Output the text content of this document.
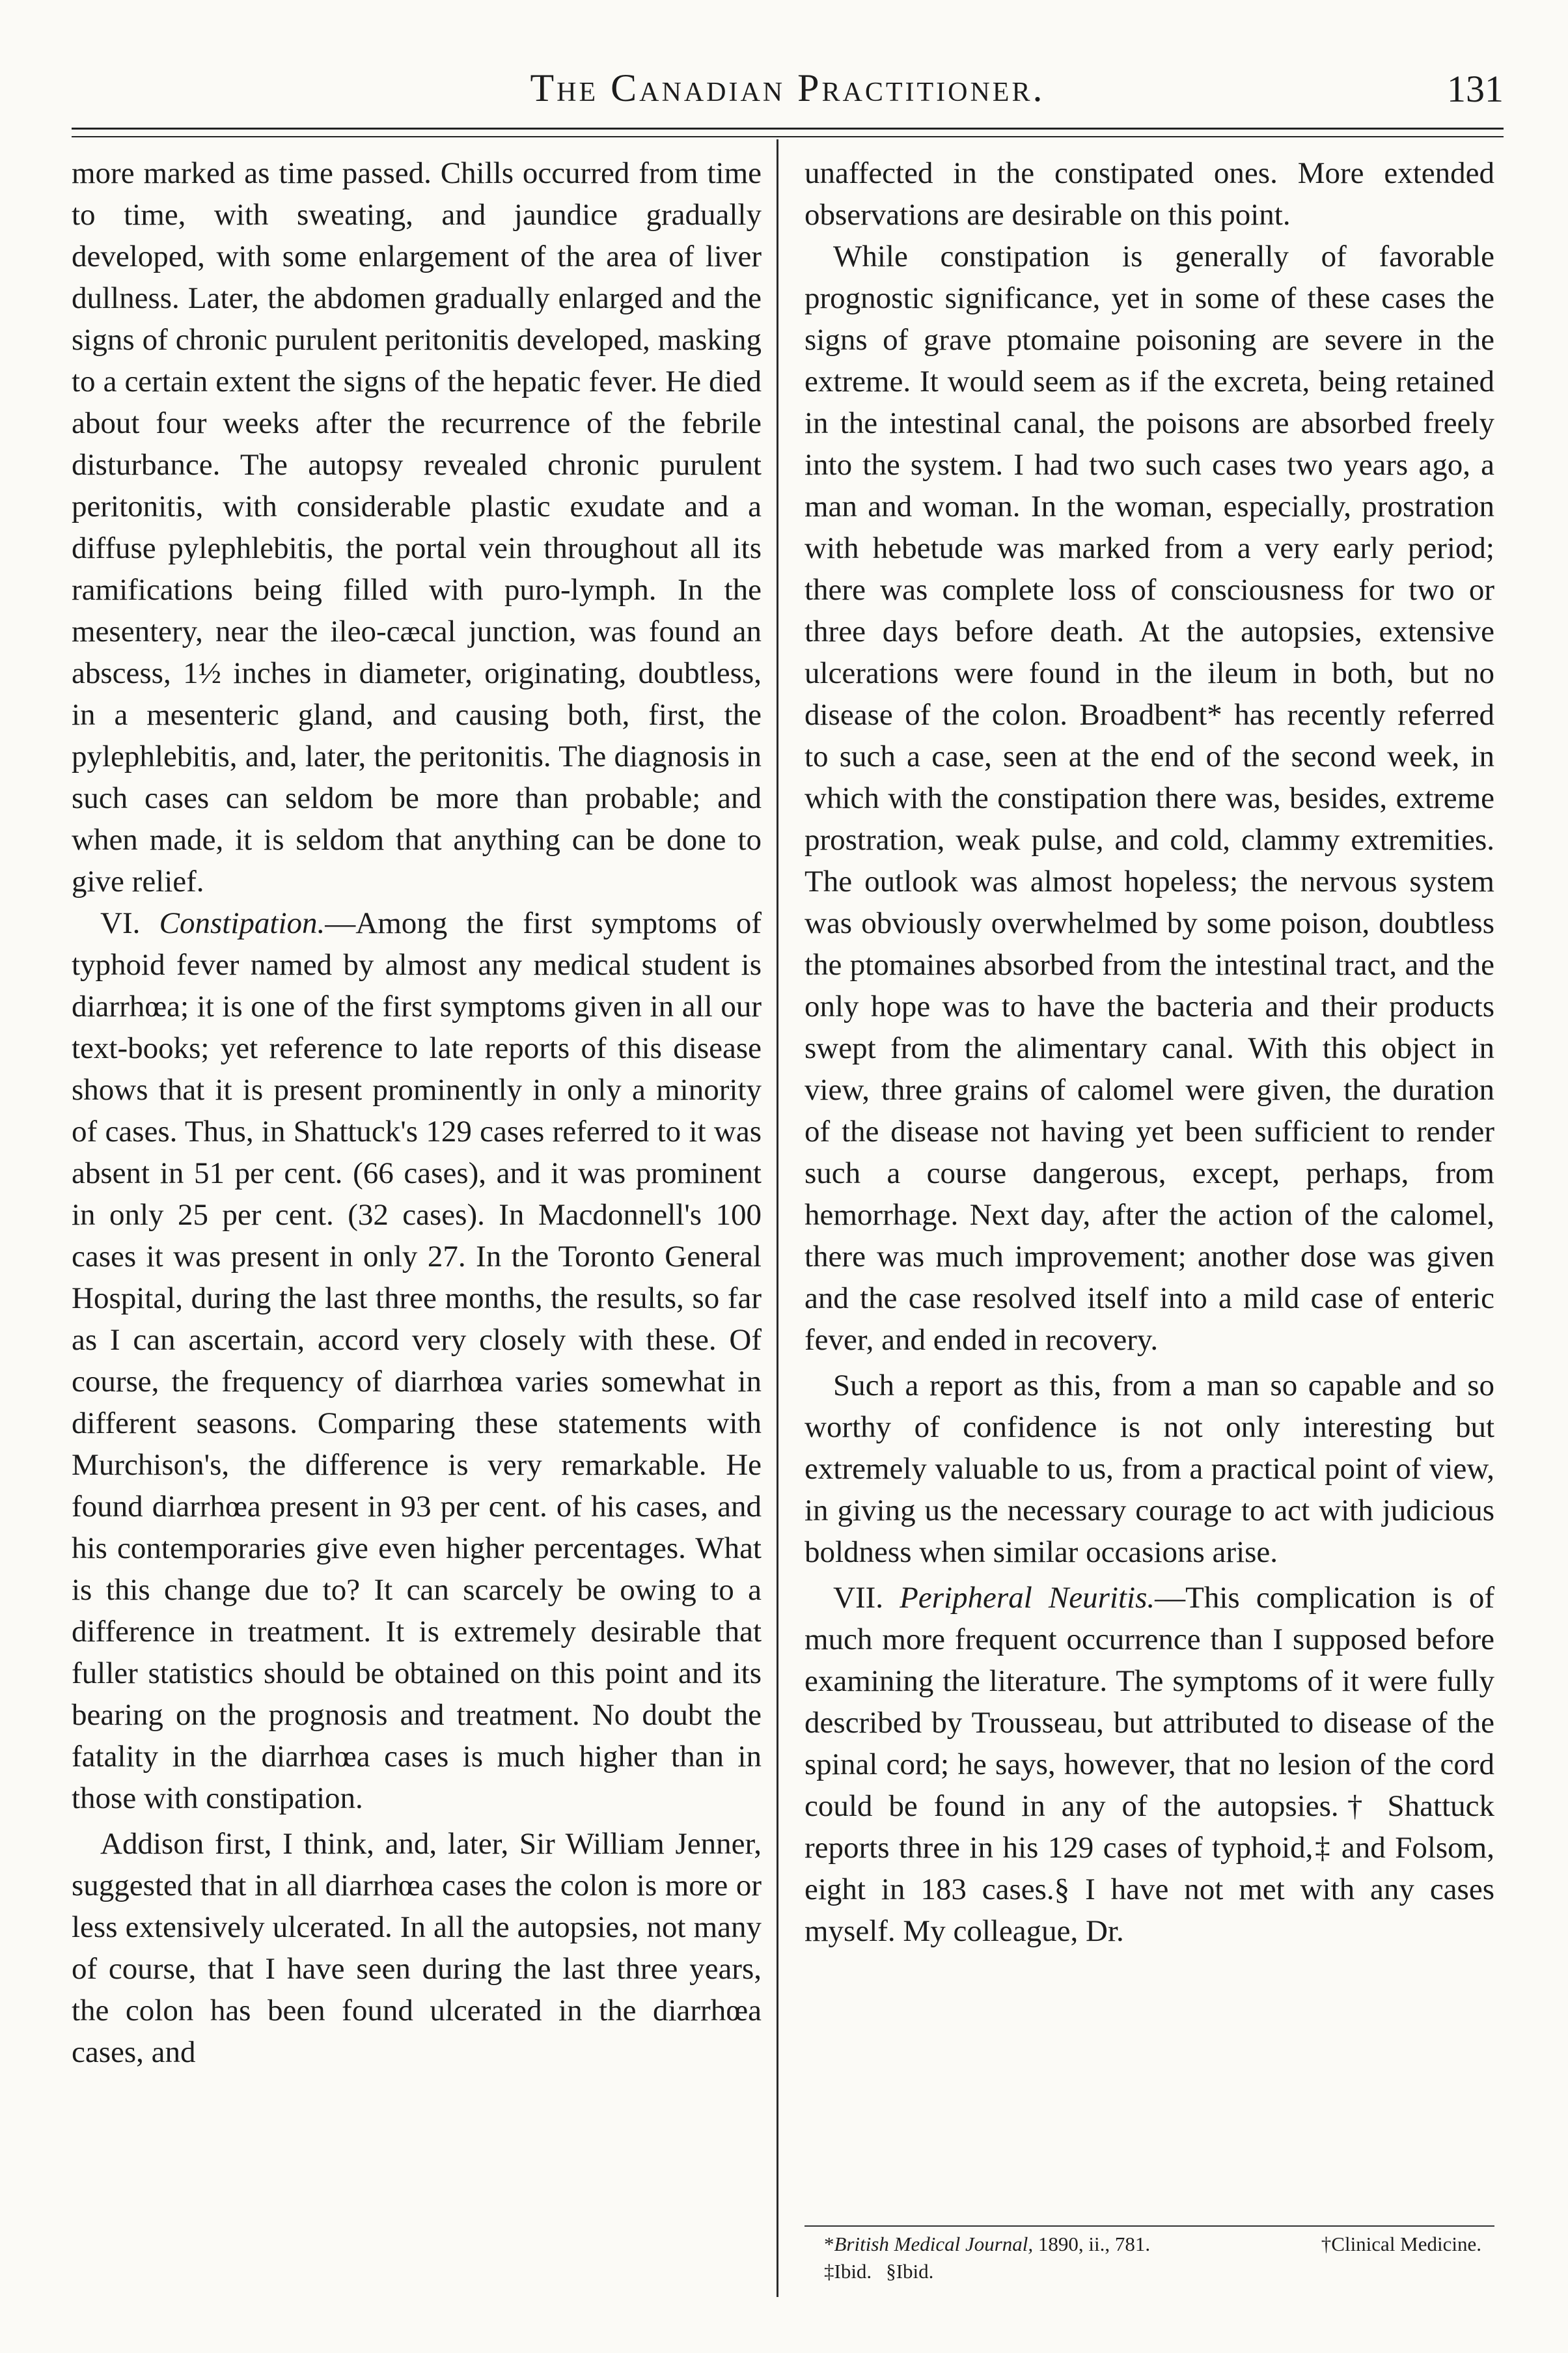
The Canadian Practitioner.	131

more marked as time passed. Chills occurred from time to time, with sweating, and jaundice gradually developed, with some enlargement of the area of liver dullness. Later, the abdomen gradually enlarged and the signs of chronic purulent peritonitis developed, masking to a certain extent the signs of the hepatic fever. He died about four weeks after the recurrence of the febrile disturbance. The autopsy revealed chronic purulent peritonitis, with considerable plastic exudate and a diffuse pylephlebitis, the portal vein throughout all its ramifications being filled with puro-lymph. In the mesentery, near the ileo-cæcal junction, was found an abscess, 1½ inches in diameter, originating, doubtless, in a mesenteric gland, and causing both, first, the pylephlebitis, and, later, the peritonitis. The diagnosis in such cases can seldom be more than probable; and when made, it is seldom that anything can be done to give relief.

VI. Constipation.—Among the first symptoms of typhoid fever named by almost any medical student is diarrhœa; it is one of the first symptoms given in all our text-books; yet reference to late reports of this disease shows that it is present prominently in only a minority of cases. Thus, in Shattuck's 129 cases referred to it was absent in 51 per cent. (66 cases), and it was prominent in only 25 per cent. (32 cases). In Macdonnell's 100 cases it was present in only 27. In the Toronto General Hospital, during the last three months, the results, so far as I can ascertain, accord very closely with these. Of course, the frequency of diarrhœa varies somewhat in different seasons. Comparing these statements with Murchison's, the difference is very remarkable. He found diarrhœa present in 93 per cent. of his cases, and his contemporaries give even higher percentages. What is this change due to? It can scarcely be owing to a difference in treatment. It is extremely desirable that fuller statistics should be obtained on this point and its bearing on the prognosis and treatment. No doubt the fatality in the diarrhœa cases is much higher than in those with constipation.

Addison first, I think, and, later, Sir William Jenner, suggested that in all diarrhœa cases the colon is more or less extensively ulcerated. In all the autopsies, not many of course, that I have seen during the last three years, the colon has been found ulcerated in the diarrhœa cases, and

unaffected in the constipated ones. More extended observations are desirable on this point.

While constipation is generally of favorable prognostic significance, yet in some of these cases the signs of grave ptomaine poisoning are severe in the extreme. It would seem as if the excreta, being retained in the intestinal canal, the poisons are absorbed freely into the system. I had two such cases two years ago, a man and woman. In the woman, especially, prostration with hebetude was marked from a very early period; there was complete loss of consciousness for two or three days before death. At the autopsies, extensive ulcerations were found in the ileum in both, but no disease of the colon. Broadbent* has recently referred to such a case, seen at the end of the second week, in which with the constipation there was, besides, extreme prostration, weak pulse, and cold, clammy extremities. The outlook was almost hopeless; the nervous system was obviously overwhelmed by some poison, doubtless the ptomaines absorbed from the intestinal tract, and the only hope was to have the bacteria and their products swept from the alimentary canal. With this object in view, three grains of calomel were given, the duration of the disease not having yet been sufficient to render such a course dangerous, except, perhaps, from hemorrhage. Next day, after the action of the calomel, there was much improvement; another dose was given and the case resolved itself into a mild case of enteric fever, and ended in recovery.

Such a report as this, from a man so capable and so worthy of confidence is not only interesting but extremely valuable to us, from a practical point of view, in giving us the necessary courage to act with judicious boldness when similar occasions arise.

VII. Peripheral Neuritis.—This complication is of much more frequent occurrence than I supposed before examining the literature. The symptoms of it were fully described by Trousseau, but attributed to disease of the spinal cord; he says, however, that no lesion of the cord could be found in any of the autopsies.† Shattuck reports three in his 129 cases of typhoid,‡ and Folsom, eight in 183 cases.§ I have not met with any cases myself. My colleague, Dr.

*British Medical Journal, 1890, ii., 781.	†Clinical Medicine.
‡Ibid. §Ibid.
